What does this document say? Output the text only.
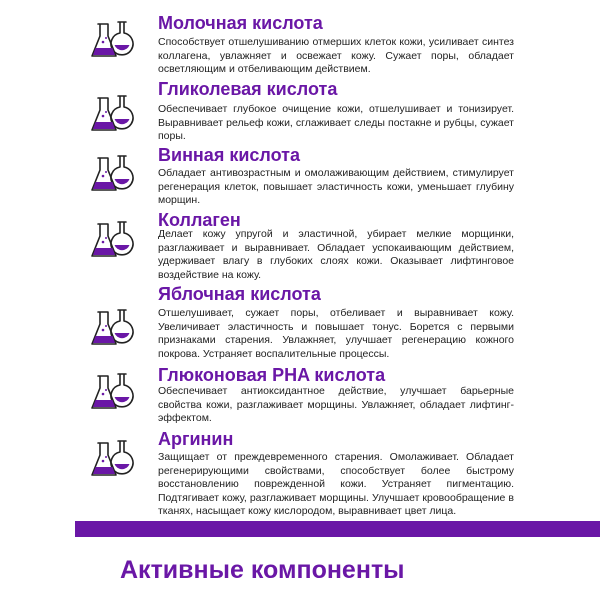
Молочная кислота
Способствует отшелушиванию отмерших клеток кожи, усиливает синтез коллагена, увлажняет и освежает кожу. Сужает поры, обладает осветляющим и отбеливающим действием.
Гликолевая кислота
Обеспечивает глубокое очищение кожи, отшелушивает и тонизирует. Выравнивает рельеф кожи, сглаживает следы постакне и рубцы, сужает поры.
Винная кислота
Обладает антивозрастным и омолаживающим действием, стимулирует регенерация клеток, повышает эластичность кожи, уменьшает глубину морщин.
Коллаген
Делает кожу упругой и эластичной, убирает мелкие морщинки, разглаживает и выравнивает. Обладает успокаивающим действием, удерживает влагу в глубоких слоях кожи. Оказывает лифтинговое воздействие на кожу.
Яблочная кислота
Отшелушивает, сужает поры, отбеливает и выравнивает кожу. Увеличивает эластичность и повышает тонус. Борется с первыми признаками старения. Увлажняет, улучшает регенерацию кожного покрова. Устраняет воспалительные процессы.
Глюконовая PHA кислота
Обеспечивает антиоксидантное действие, улучшает барьерные свойства кожи, разглаживает морщины. Увлажняет, обладает лифтинг-эффектом.
Аргинин
Защищает от преждевременного старения. Омолаживает. Обладает регенерирующими свойствами, способствует более быстрому восстановлению поврежденной кожи. Устраняет пигментацию. Подтягивает кожу, разглаживает морщины. Улучшает кровообращение в тканях, насыщает кожу кислородом, выравнивает цвет лица.
Активные компоненты
